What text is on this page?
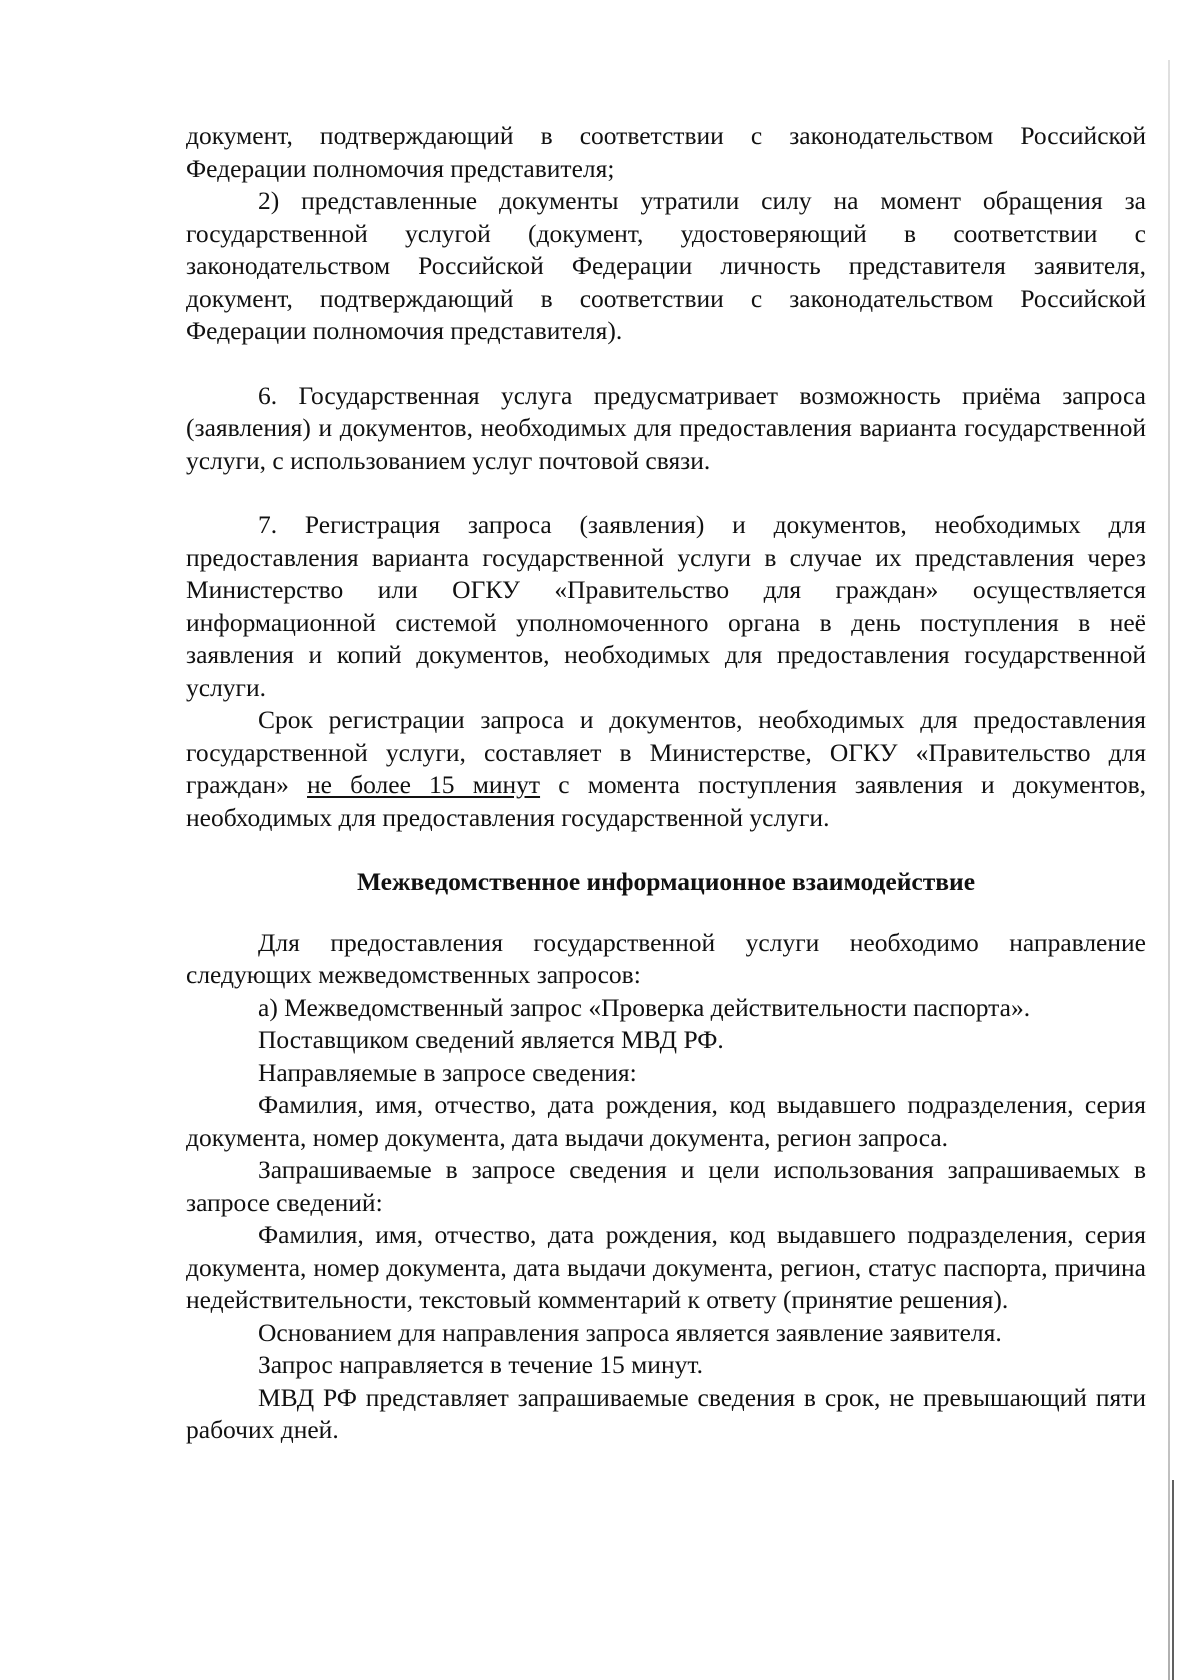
документ, подтверждающий в соответствии с законодательством Российской Федерации полномочия представителя;

2) представленные документы утратили силу на момент обращения за государственной услугой (документ, удостоверяющий в соответствии с законодательством Российской Федерации личность представителя заявителя, документ, подтверждающий в соответствии с законодательством Российской Федерации полномочия представителя).

6. Государственная услуга предусматривает возможность приёма запроса (заявления) и документов, необходимых для предоставления варианта государственной услуги, с использованием услуг почтовой связи.

7. Регистрация запроса (заявления) и документов, необходимых для предоставления варианта государственной услуги в случае их представления через Министерство или ОГКУ «Правительство для граждан» осуществляется информационной системой уполномоченного органа в день поступления в неё заявления и копий документов, необходимых для предоставления государственной услуги.

Срок регистрации запроса и документов, необходимых для предоставления государственной услуги, составляет в Министерстве, ОГКУ «Правительство для граждан» не более 15 минут с момента поступления заявления и документов, необходимых для предоставления государственной услуги.

Межведомственное информационное взаимодействие

Для предоставления государственной услуги необходимо направление следующих межведомственных запросов:

а) Межведомственный запрос «Проверка действительности паспорта».

Поставщиком сведений является МВД РФ.

Направляемые в запросе сведения:

Фамилия, имя, отчество, дата рождения, код выдавшего подразделения, серия документа, номер документа, дата выдачи документа, регион запроса.

Запрашиваемые в запросе сведения и цели использования запрашиваемых в запросе сведений:

Фамилия, имя, отчество, дата рождения, код выдавшего подразделения, серия документа, номер документа, дата выдачи документа, регион, статус паспорта, причина недействительности, текстовый комментарий к ответу (принятие решения).

Основанием для направления запроса является заявление заявителя.

Запрос направляется в течение 15 минут.

МВД РФ представляет запрашиваемые сведения в срок, не превышающий пяти рабочих дней.
